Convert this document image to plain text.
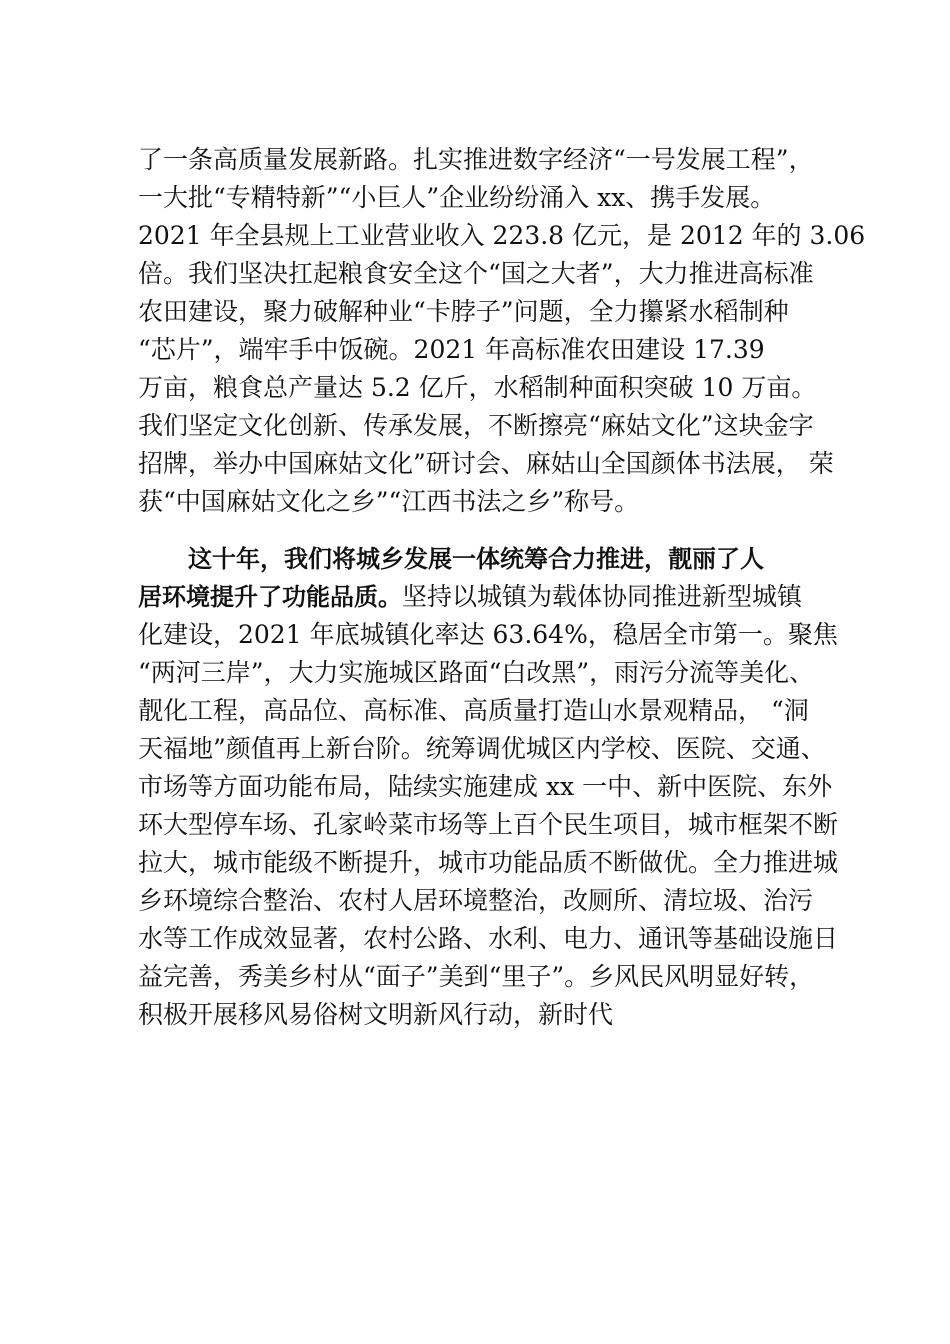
了一条高质量发展新路。扎实推进数字经济“一号发展工程”，
一大批“专精特新”“小巨人”企业纷纷涌入 xx、携手发展。
2021 年全县规上工业营业收入 223.8 亿元，是 2012 年的 3.06
倍。我们坚决扛起粮食安全这个“国之大者”，大力推进高标准
农田建设，聚力破解种业“卡脖子”问题，全力攥紧水稻制种
“芯片”，端牢手中饭碗。2021 年高标准农田建设 17.39
万亩，粮食总产量达 5.2 亿斤，水稻制种面积突破 10 万亩。
我们坚定文化创新、传承发展，不断擦亮“麻姑文化”这块金字
招牌，举办中国麻姑文化”研讨会、麻姑山全国颜体书法展， 荣
获“中国麻姑文化之乡”“江西书法之乡”称号。
这十年，我们将城乡发展一体统筹合力推进，靓丽了人
居环境提升了功能品质。坚持以城镇为载体协同推进新型城镇
化建设，2021 年底城镇化率达 63.64%，稳居全市第一。聚焦
“两河三岸”，大力实施城区路面“白改黑”，雨污分流等美化、
靓化工程，高品位、高标准、高质量打造山水景观精品， “洞
天福地”颜值再上新台阶。统筹调优城区内学校、医院、交通、
市场等方面功能布局，陆续实施建成 xx 一中、新中医院、东外
环大型停车场、孔家岭菜市场等上百个民生项目，城市框架不断
拉大，城市能级不断提升，城市功能品质不断做优。全力推进城
乡环境综合整治、农村人居环境整治，改厕所、清垃圾、治污
水等工作成效显著，农村公路、水利、电力、通讯等基础设施日
益完善，秀美乡村从“面子”美到“里子”。乡风民风明显好转，
积极开展移风易俗树文明新风行动，新时代
